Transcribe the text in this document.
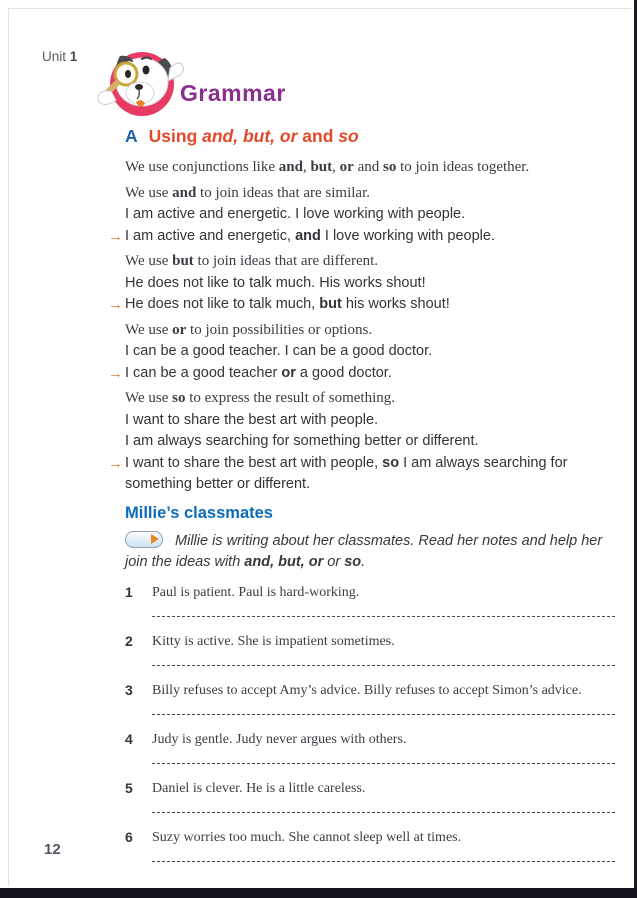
Unit 1
Grammar
A Using and, but, or and so
We use conjunctions like and, but, or and so to join ideas together.
We use and to join ideas that are similar.
I am active and energetic. I love working with people.
→ I am active and energetic, and I love working with people.
We use but to join ideas that are different.
He does not like to talk much. His works shout!
→ He does not like to talk much, but his works shout!
We use or to join possibilities or options.
I can be a good teacher. I can be a good doctor.
→ I can be a good teacher or a good doctor.
We use so to express the result of something.
I want to share the best art with people.
I am always searching for something better or different.
→ I want to share the best art with people, so I am always searching for something better or different.
Millie’s classmates

Millie is writing about her classmates. Read her notes and help her join the ideas with and, but, or or so.

1	Paul is patient. Paul is hard-working.
2	Kitty is active. She is impatient sometimes.
3	Billy refuses to accept Amy’s advice. Billy refuses to accept Simon’s advice.
4	Judy is gentle. Judy never argues with others.
5	Daniel is clever. He is a little careless.
6	Suzy worries too much. She cannot sleep well at times.
12
